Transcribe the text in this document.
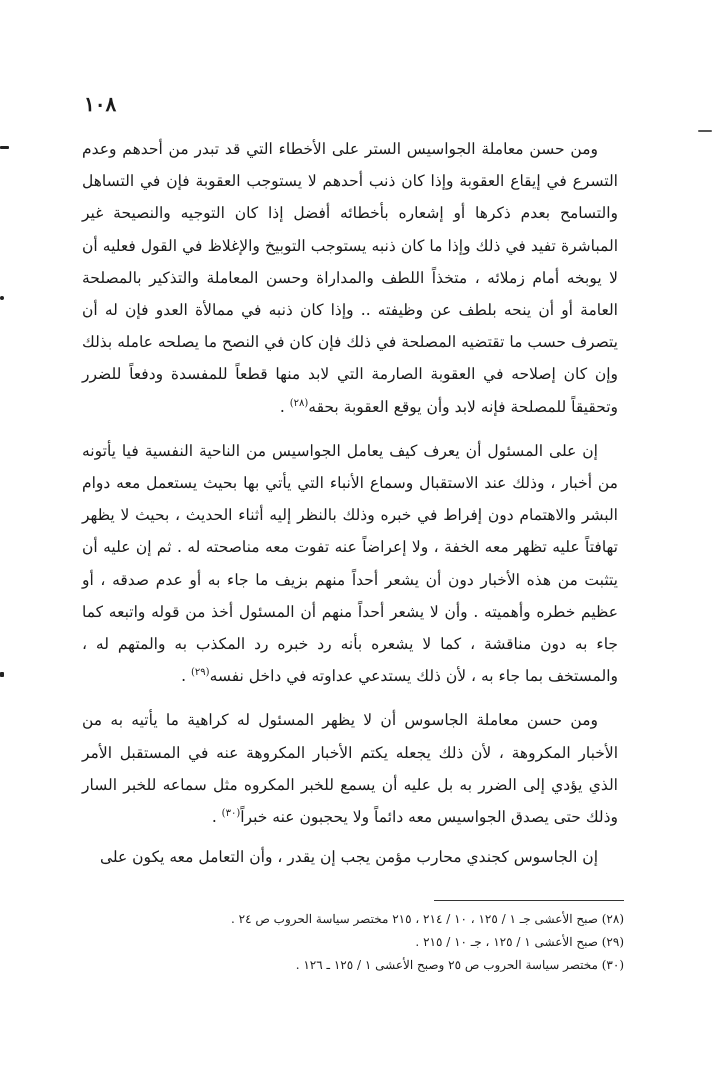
١٠٨

ومن حسن معاملة الجواسيس الستر على الأخطاء التي قد تبدر من أحدهم وعدم التسرع في إيقاع العقوبة وإذا كان ذنب أحدهم لا يستوجب العقوبة فإن في التساهل والتسامح بعدم ذكرها أو إشعاره بأخطائه أفضل إذا كان التوجيه والنصيحة غير المباشرة تفيد في ذلك وإذا ما كان ذنبه يستوجب التوبيخ والإغلاظ في القول فعليه أن لا يوبخه أمام زملائه ، متخذاً اللطف والمداراة وحسن المعاملة والتذكير بالمصلحة العامة أو أن ينحه بلطف عن وظيفته .. وإذا كان ذنبه في ممالأة العدو فإن له أن يتصرف حسب ما تقتضيه المصلحة في ذلك فإن كان في النصح ما يصلحه عامله بذلك وإن كان إصلاحه في العقوبة الصارمة التي لابد منها قطعاً للمفسدة ودفعاً للضرر وتحقيقاً للمصلحة فإنه لابد وأن يوقع العقوبة بحقه$^{(٢٨)}$ .

إن على المسئول أن يعرف كيف يعامل الجواسيس من الناحية النفسية فيا يأتونه من أخبار ، وذلك عند الاستقبال وسماع الأنباء التي يأتي بها بحيث يستعمل معه دوام البشر والاهتمام دون إفراط في خبره وذلك بالنظر إليه أثناء الحديث ، بحيث لا يظهر تهافتاً عليه تظهر معه الخفة ، ولا إعراضاً عنه تفوت معه مناصحته له . ثم إن عليه أن يتثبت من هذه الأخبار دون أن يشعر أحداً منهم بزيف ما جاء به أو عدم صدقه ، أو عظيم خطره وأهميته . وأن لا يشعر أحداً منهم أن المسئول أخذ من قوله واتبعه كما جاء به دون مناقشة ، كما لا يشعره بأنه رد خبره رد المكذب به والمتهم له ، والمستخف بما جاء به ، لأن ذلك يستدعي عداوته في داخل نفسه$^{(٢٩)}$ .

ومن حسن معاملة الجاسوس أن لا يظهر المسئول له كراهية ما يأتيه به من الأخبار المكروهة ، لأن ذلك يجعله يكتم الأخبار المكروهة عنه في المستقبل الأمر الذي يؤدي إلى الضرر به بل عليه أن يسمع للخبر المكروه مثل سماعه للخبر السار وذلك حتى يصدق الجواسيس معه دائماً ولا يحجبون عنه خبراً$^{(٣٠)}$ .

إن الجاسوس كجندي محارب مؤمن يجب إن يقدر ، وأن التعامل معه يكون على

(٢٨) صبح الأعشى جـ ١ / ١٢٥ ، ١٠ / ٢١٤ ، ٢١٥ مختصر سياسة الحروب ص ٢٤ .
(٢٩) صبح الأعشى ١ / ١٢٥ ، جـ ١٠ / ٢١٥ .
(٣٠) مختصر سياسة الحروب ص ٢٥ وصبح الأعشى ١ / ١٢٥ ـ ١٢٦ .
